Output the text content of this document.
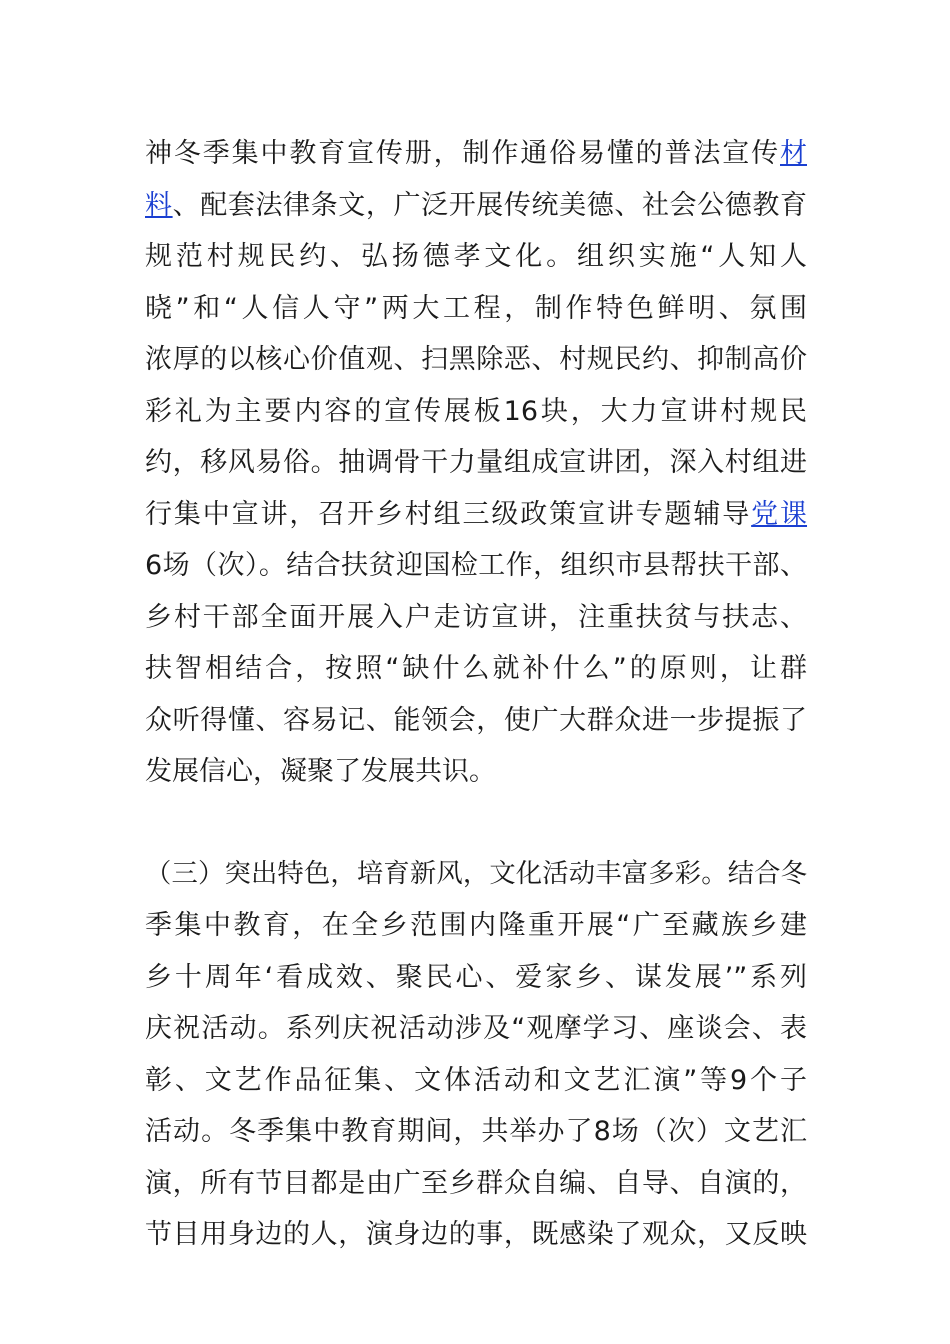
神冬季集中教育宣传册，制作通俗易懂的普法宣传材
料、配套法律条文，广泛开展传统美德、社会公德教育
规范村规民约、弘扬德孝文化。组织实施“人知人
晓”和“人信人守”两大工程，制作特色鲜明、氛围
浓厚的以核心价值观、扫黑除恶、村规民约、抑制高价
彩礼为主要内容的宣传展板16块，大力宣讲村规民
约，移风易俗。抽调骨干力量组成宣讲团，深入村组进
行集中宣讲，召开乡村组三级政策宣讲专题辅导党课
6场（次）。结合扶贫迎国检工作，组织市县帮扶干部、
乡村干部全面开展入户走访宣讲，注重扶贫与扶志、
扶智相结合，按照“缺什么就补什么”的原则，让群
众听得懂、容易记、能领会，使广大群众进一步提振了
发展信心，凝聚了发展共识。
（三）突出特色，培育新风，文化活动丰富多彩。结合冬
季集中教育，在全乡范围内隆重开展“广至藏族乡建
乡十周年‘看成效、聚民心、爱家乡、谋发展’”系列
庆祝活动。系列庆祝活动涉及“观摩学习、座谈会、表
彰、文艺作品征集、文体活动和文艺汇演”等9个子
活动。冬季集中教育期间，共举办了8场（次）文艺汇
演，所有节目都是由广至乡群众自编、自导、自演的，
节目用身边的人，演身边的事，既感染了观众，又反映
